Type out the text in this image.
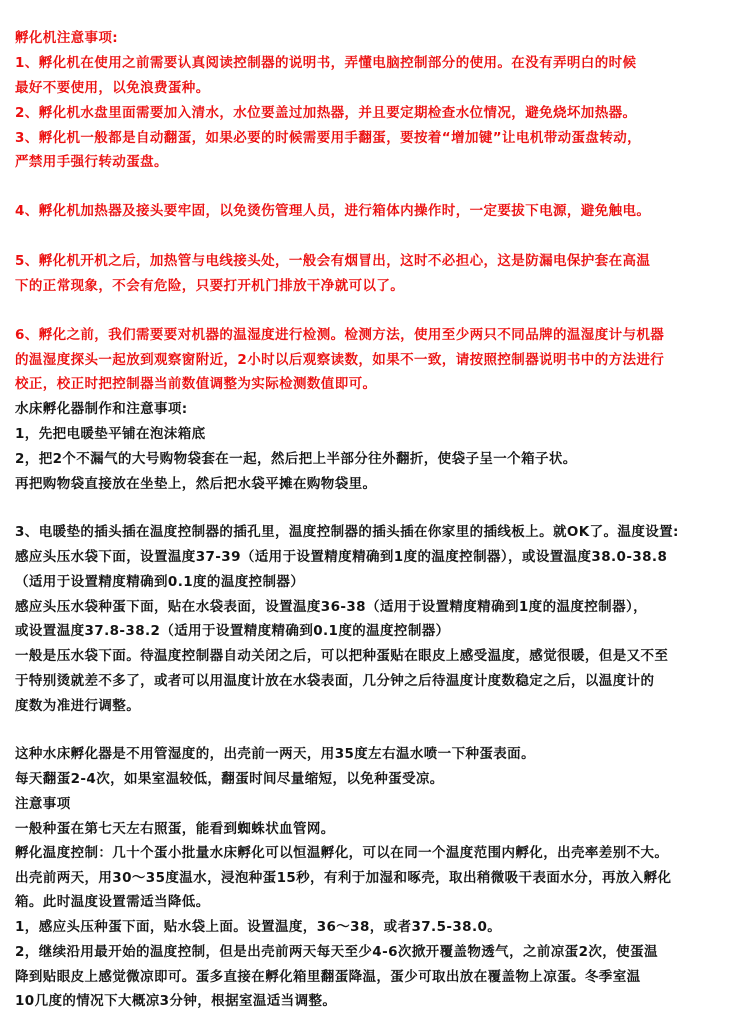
孵化机注意事项:
1、孵化机在使用之前需要认真阅读控制器的说明书，弄懂电脑控制部分的使用。在没有弄明白的时候
最好不要使用，以免浪费蛋种。
2、孵化机水盘里面需要加入清水，水位要盖过加热器，并且要定期检查水位情况，避免烧坏加热器。
3、孵化机一般都是自动翻蛋，如果必要的时候需要用手翻蛋，要按着“增加键”让电机带动蛋盘转动，
严禁用手强行转动蛋盘。
4、孵化机加热器及接头要牢固，以免烫伤管理人员，进行箱体内操作时，一定要拔下电源，避免触电。
5、孵化机开机之后，加热管与电线接头处，一般会有烟冒出，这时不必担心，这是防漏电保护套在高温
下的正常现象，不会有危险，只要打开机门排放干净就可以了。
6、孵化之前，我们需要要对机器的温湿度进行检测。检测方法，使用至少两只不同品牌的温湿度计与机器
的温湿度探头一起放到观察窗附近，2小时以后观察读数，如果不一致，请按照控制器说明书中的方法进行
校正，校正时把控制器当前数值调整为实际检测数值即可。
水床孵化器制作和注意事项:
1，先把电暖垫平铺在泡沫箱底
2，把2个不漏气的大号购物袋套在一起，然后把上半部分往外翻折，使袋子呈一个箱子状。
再把购物袋直接放在坐垫上，然后把水袋平摊在购物袋里。
3、电暖垫的插头插在温度控制器的插孔里，温度控制器的插头插在你家里的插线板上。就OK了。温度设置:
感应头压水袋下面，设置温度37-39（适用于设置精度精确到1度的温度控制器），或设置温度38.0-38.8
（适用于设置精度精确到0.1度的温度控制器）
感应头压水袋种蛋下面，贴在水袋表面，设置温度36-38（适用于设置精度精确到1度的温度控制器），
或设置温度37.8-38.2（适用于设置精度精确到0.1度的温度控制器）
一般是压水袋下面。待温度控制器自动关闭之后，可以把种蛋贴在眼皮上感受温度，感觉很暖，但是又不至
于特别烫就差不多了，或者可以用温度计放在水袋表面，几分钟之后待温度计度数稳定之后，以温度计的
度数为准进行调整。
这种水床孵化器是不用管湿度的，出壳前一两天，用35度左右温水喷一下种蛋表面。
每天翻蛋2-4次，如果室温较低，翻蛋时间尽量缩短，以免种蛋受凉。
注意事项
一般种蛋在第七天左右照蛋，能看到蜘蛛状血管网。
孵化温度控制：几十个蛋小批量水床孵化可以恒温孵化，可以在同一个温度范围内孵化，出壳率差别不大。
出壳前两天，用30～35度温水，浸泡种蛋15秒，有利于加湿和啄壳，取出稍微吸干表面水分，再放入孵化
箱。此时温度设置需适当降低。
1，感应头压种蛋下面，贴水袋上面。设置温度，36～38，或者37.5-38.0。
2，继续沿用最开始的温度控制，但是出壳前两天每天至少4-6次掀开覆盖物透气，之前凉蛋2次，使蛋温
降到贴眼皮上感觉微凉即可。蛋多直接在孵化箱里翻蛋降温，蛋少可取出放在覆盖物上凉蛋。冬季室温
10几度的情况下大概凉3分钟，根据室温适当调整。
